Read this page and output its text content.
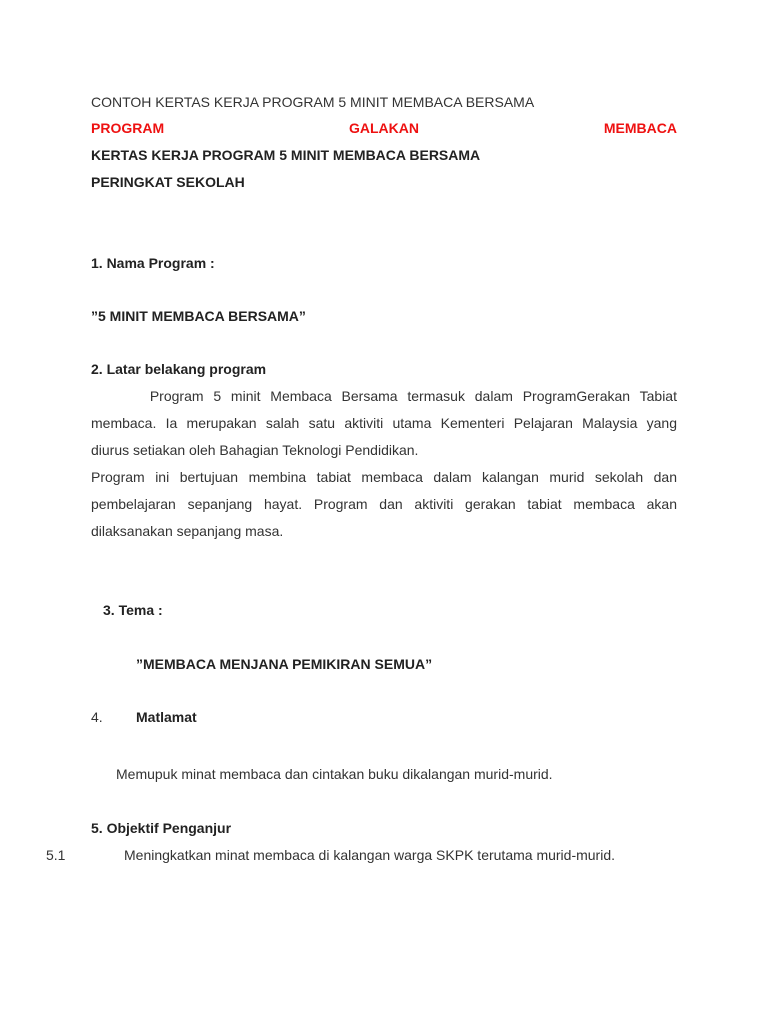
CONTOH KERTAS KERJA PROGRAM 5 MINIT MEMBACA BERSAMA
PROGRAM	GALAKAN	MEMBACA
KERTAS KERJA PROGRAM 5 MINIT MEMBACA BERSAMA
PERINGKAT SEKOLAH
1. Nama Program :
”5 MINIT MEMBACA BERSAMA”
2. Latar belakang program
Program 5 minit Membaca Bersama termasuk dalam ProgramGerakan Tabiat
membaca. Ia merupakan salah satu aktiviti utama Kementeri Pelajaran Malaysia yang
diurus setiakan oleh Bahagian Teknologi Pendidikan.
Program ini bertujuan membina tabiat membaca dalam kalangan murid sekolah dan
pembelajaran sepanjang hayat. Program dan aktiviti gerakan tabiat membaca akan
dilaksanakan sepanjang masa.
3. Tema :
”MEMBACA MENJANA PEMIKIRAN SEMUA”
4. Matlamat
Memupuk minat membaca dan cintakan buku dikalangan murid-murid.
5. Objektif Penganjur
5.1	Meningkatkan minat membaca di kalangan warga SKPK terutama murid-murid.
